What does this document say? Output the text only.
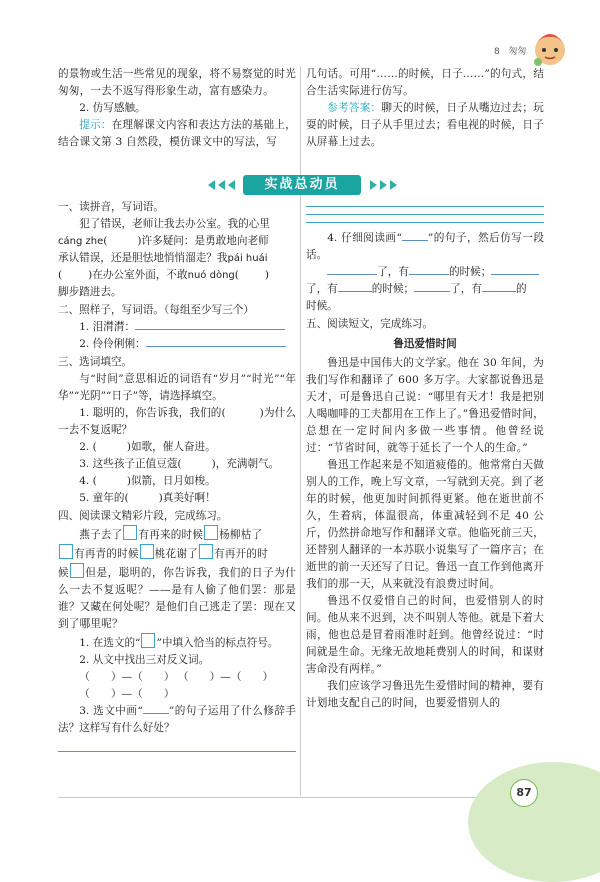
8 匆匆

的景物或生活一些常见的现象，将不易察觉的时光匆匆，一去不返写得形象生动，富有感染力。

2. 仿写感触。

提示：在理解课文内容和表达方法的基础上，结合课文第 3 自然段，模仿课文中的写法，写

几句话。可用“……的时候，日子……”的句式，结合生活实际进行仿写。

参考答案：聊天的时候，日子从嘴边过去；玩耍的时候，日子从手里过去；看电视的时候，日子从屏幕上过去。

实战总动员

一、读拼音，写词语。

犯了错误，老师让我去办公室。我的心里

cáng zhe(	)许多疑问：是勇敢地向老师

承认错误，还是胆怯地悄悄溜走？我pái huái

( )在办公室外面，不敢nuó dòng( )

脚步踏进去。

二、照样子，写词语。（每组至少写三个）

1. 泪潸潸：

2. 伶伶俐俐：

三、选词填空。

与“时间”意思相近的词语有“岁月”“时光”“年华”“光阴”“日子”等，请选择填空。

1. 聪明的，你告诉我，我们的(	)为什么一去不复返呢？

2. (	)如歌，催人奋进。

3. 这些孩子正值豆蔻(	)，充满朝气。

4. (	)似箭，日月如梭。

5. 童年的(	)真美好啊！

四、阅读课文精彩片段，完成练习。

燕子去了 有再来的时候 杨柳枯了

有再青的时候 桃花谢了 有再开的时

候 但是，聪明的，你告诉我，我们的日子为什么一去不复返呢？——是有人偷了他们罢：那是谁？又藏在何处呢？是他们自己逃走了罢：现在又到了哪里呢？

1. 在选文的“ ”中填入恰当的标点符号。

2. 从文中找出三对反义词。

（　　）—（　　） （　　）—（　　）

（　　）—（　　）

3. 选文中画“ ”的句子运用了什么修辞手法？这样写有什么好处？

4. 仔细阅读画“ ”的句子，然后仿写一段话。

了，有	的时候；

了，有	的时候；	了，有	的

时候。

五、阅读短文，完成练习。

鲁迅爱惜时间

鲁迅是中国伟大的文学家。他在 30 年间，为我们写作和翻译了 600 多万字。大家都说鲁迅是天才，可是鲁迅自己说：“哪里有天才！我是把别人喝咖啡的工夫都用在工作上了。”鲁迅爱惜时间，总想在一定时间内多做一些事情。他曾经说过：“节省时间，就等于延长了一个人的生命。”

鲁迅工作起来是不知道疲倦的。他常常白天做别人的工作，晚上写文章，一写就到天亮。到了老年的时候，他更加时间抓得更紧。他在逝世前不久，生着病，体温很高，体重减轻到不足 40 公斤，仍然拼命地写作和翻译文章。他临死前三天，还替别人翻译的一本苏联小说集写了一篇序言；在逝世的前一天还写了日记。鲁迅一直工作到他离开我们的那一天，从来就没有浪费过时间。

鲁迅不仅爱惜自己的时间，也爱惜别人的时间。他从来不迟到，决不叫别人等他。就是下着大雨，他也总是冒着雨准时赶到。他曾经说过：“时间就是生命。无缘无故地耗费别人的时间，和谋财害命没有两样。”

我们应该学习鲁迅先生爱惜时间的精神，要有计划地支配自己的时间，也要爱惜别人的

87
